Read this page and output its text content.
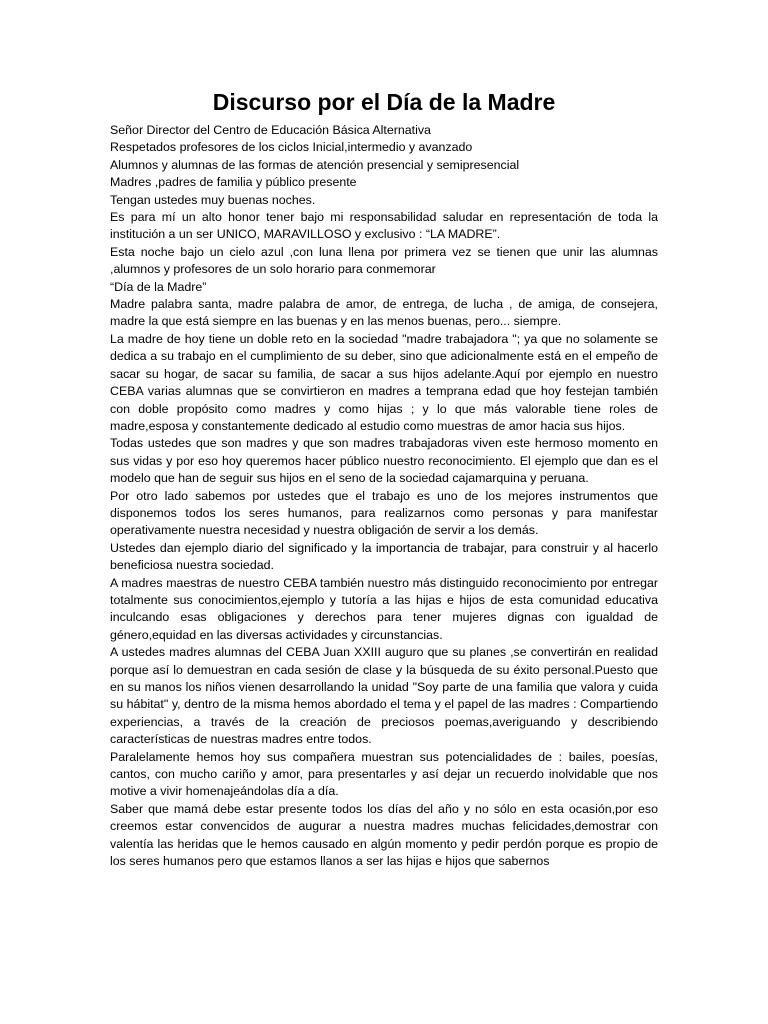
Discurso por el Día de la Madre
Señor Director del Centro de Educación Básica Alternativa
Respetados profesores de los ciclos Inicial,intermedio y avanzado
Alumnos y alumnas de las formas de atención presencial y semipresencial
Madres ,padres de familia y público presente
Tengan ustedes muy buenas noches.

Es para mí un alto honor tener bajo mi responsabilidad saludar en representación de toda la institución a un ser UNICO, MARAVILLOSO y exclusivo : “LA MADRE”.

Esta noche bajo un cielo azul ,con luna llena por primera vez se tienen que unir las alumnas ,alumnos y profesores de un solo horario para conmemorar

“Día de la Madre”

Madre palabra santa, madre palabra de amor, de entrega, de lucha , de amiga, de consejera, madre la que está siempre en las buenas y en las menos buenas, pero... siempre.

La madre de hoy tiene un doble reto en la sociedad "madre trabajadora "; ya que no solamente se dedica a su trabajo en el cumplimiento de su deber, sino que adicionalmente está en el empeño de sacar su hogar, de sacar su familia, de sacar a sus hijos adelante.Aquí por ejemplo en nuestro CEBA varias alumnas que se convirtieron en madres a temprana edad que hoy festejan también con doble propósito como madres y como hijas ; y lo que más valorable tiene roles de madre,esposa y constantemente dedicado al estudio como muestras de amor hacia sus hijos.

Todas ustedes que son madres y que son madres trabajadoras viven este hermoso momento en sus vidas y por eso hoy queremos hacer público nuestro reconocimiento. El ejemplo que dan es el modelo que han de seguir sus hijos en el seno de la sociedad cajamarquina y peruana.

Por otro lado sabemos por ustedes que el trabajo es uno de los mejores instrumentos que disponemos todos los seres humanos, para realizarnos como personas y para manifestar operativamente nuestra necesidad y nuestra obligación de servir a los demás.

Ustedes dan ejemplo diario del significado y la importancia de trabajar, para construir y al hacerlo beneficiosa nuestra sociedad.

A madres maestras de nuestro CEBA también nuestro más distinguido reconocimiento por entregar totalmente sus conocimientos,ejemplo y tutoría a las hijas e hijos de esta comunidad educativa inculcando esas obligaciones y derechos para tener mujeres dignas con igualdad de género,equidad en las diversas actividades y circunstancias.

A ustedes madres alumnas del CEBA Juan XXIII auguro que su planes ,se convertirán en realidad porque así lo demuestran en cada sesión de clase y la búsqueda de su éxito personal.Puesto que en su manos los niños vienen desarrollando la unidad "Soy parte de una familia que valora y cuida su hábitat" y, dentro de la misma hemos abordado el tema y el papel de las madres : Compartiendo experiencias, a través de la creación de preciosos poemas,averiguando y describiendo características de nuestras madres entre todos.

Paralelamente hemos hoy sus compañera muestran sus potencialidades de : bailes, poesías, cantos, con mucho cariño y amor, para presentarles y así dejar un recuerdo inolvidable que nos motive a vivir homenajeándolas día a día.

Saber que mamá debe estar presente todos los días del año y no sólo en esta ocasión,por eso creemos estar convencidos de augurar a nuestra madres muchas felicidades,demostrar con valentía las heridas que le hemos causado en algún momento y pedir perdón porque es propio de los seres humanos pero que estamos llanos a ser las hijas e hijos que sabernos
